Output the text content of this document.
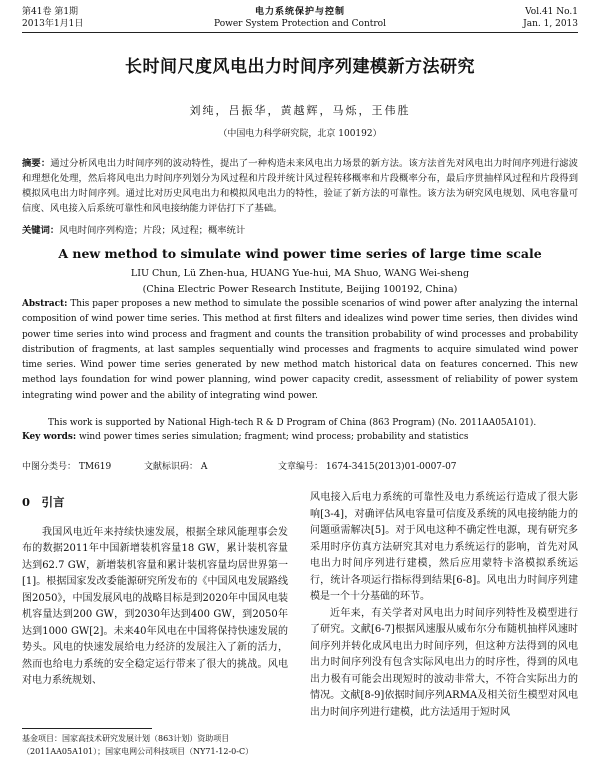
第41卷 第1期
2013年1月1日
电力系统保护与控制
Power System Protection and Control
Vol.41 No.1
Jan. 1, 2013
长时间尺度风电出力时间序列建模新方法研究
刘纯，吕振华，黄越辉，马烁，王伟胜
（中国电力科学研究院，北京 100192）
摘要：通过分析风电出力时间序列的波动特性，提出了一种构造未来风电出力场景的新方法。该方法首先对风电出力时间序列进行滤波和理想化处理，然后将风电出力时间序列划分为风过程和片段并统计风过程转移概率和片段概率分布，最后序贯抽样风过程和片段得到模拟风电出力时间序列。通过比对历史风电出力和模拟风电出力的特性，验证了新方法的可靠性。该方法为研究风电规划、风电容量可信度、风电接入后系统可靠性和风电接纳能力评估打下了基础。
关键词：风电时间序列构造；片段；风过程；概率统计
A new method to simulate wind power time series of large time scale
LIU Chun, Lü Zhen-hua, HUANG Yue-hui, MA Shuo, WANG Wei-sheng
(China Electric Power Research Institute, Beijing 100192, China)
Abstract: This paper proposes a new method to simulate the possible scenarios of wind power after analyzing the internal composition of wind power time series. This method at first filters and idealizes wind power time series, then divides wind power time series into wind process and fragment and counts the transition probability of wind processes and probability distribution of fragments, at last samples sequentially wind processes and fragments to acquire simulated wind power time series. Wind power time series generated by new method match historical data on features concerned. This new method lays foundation for wind power planning, wind power capacity credit, assessment of reliability of power system integrating wind power and the ability of integrating wind power.
This work is supported by National High-tech R & D Program of China (863 Program) (No. 2011AA05A101).
Key words: wind power times series simulation; fragment; wind process; probability and statistics
中图分类号： TM619	文献标识码： A	文章编号： 1674-3415(2013)01-0007-07
0　引言

我国风电近年来持续快速发展，根据全球风能理事会发布的数据2011年中国新增装机容量18 GW，累计装机容量达到62.7 GW，新增装机容量和累计装机容量均居世界第一[1]。根据国家发改委能源研究所发布的《中国风电发展路线图2050》，中国发展风电的战略目标是到2020年中国风电装机容量达到200 GW，到2030年达到400 GW，到2050年达到1000 GW[2]。未来40年风电在中国将保持快速发展的势头。风电的快速发展给电力经济的发展注入了新的活力，然而也给电力系统的安全稳定运行带来了很大的挑战。风电对电力系统规划、

风电接入后电力系统的可靠性及电力系统运行造成了很大影响[3-4]，对确评估风电容量可信度及系统的风电接纳能力的问题亟需解决[5]。对于风电这种不确定性电源，现有研究多采用时序仿真方法研究其对电力系统运行的影响，首先对风电出力时间序列进行建模，然后应用蒙特卡洛模拟系统运行，统计各项运行指标得到结果[6-8]。风电出力时间序列建模是一个十分基础的环节。

近年来，有关学者对风电出力时间序列特性及模型进行了研究。文献[6-7]根据风速服从威布尔分布随机抽样风速时间序列并转化成风电出力时间序列，但这种方法得到的风电出力时间序列没有包含实际风电出力的时序性，得到的风电出力极有可能会出现短时的波动非常大，不符合实际出力的情况。文献[8-9]依据时间序列ARMA及相关衍生模型对风电出力时间序列进行建模，此方法适用于短时风

基金项目：国家高技术研究发展计划（863计划）资助项目（2011AA05A101）；国家电网公司科技项目（NY71-12-0-C）
